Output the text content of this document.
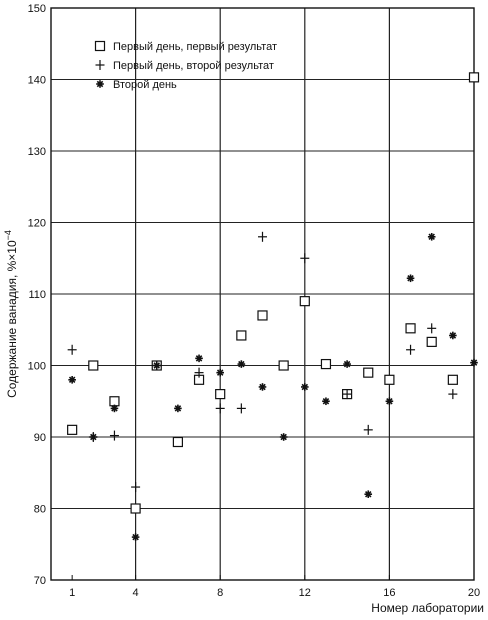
70
80
90
100
110
120
130
140
150
1	4	8	12	16	20
Первый день, первый результат
Первый день, второй результат
Второй день
Содержание ванадия, $\%\times 10^{-4}$
Номер лаборатории
